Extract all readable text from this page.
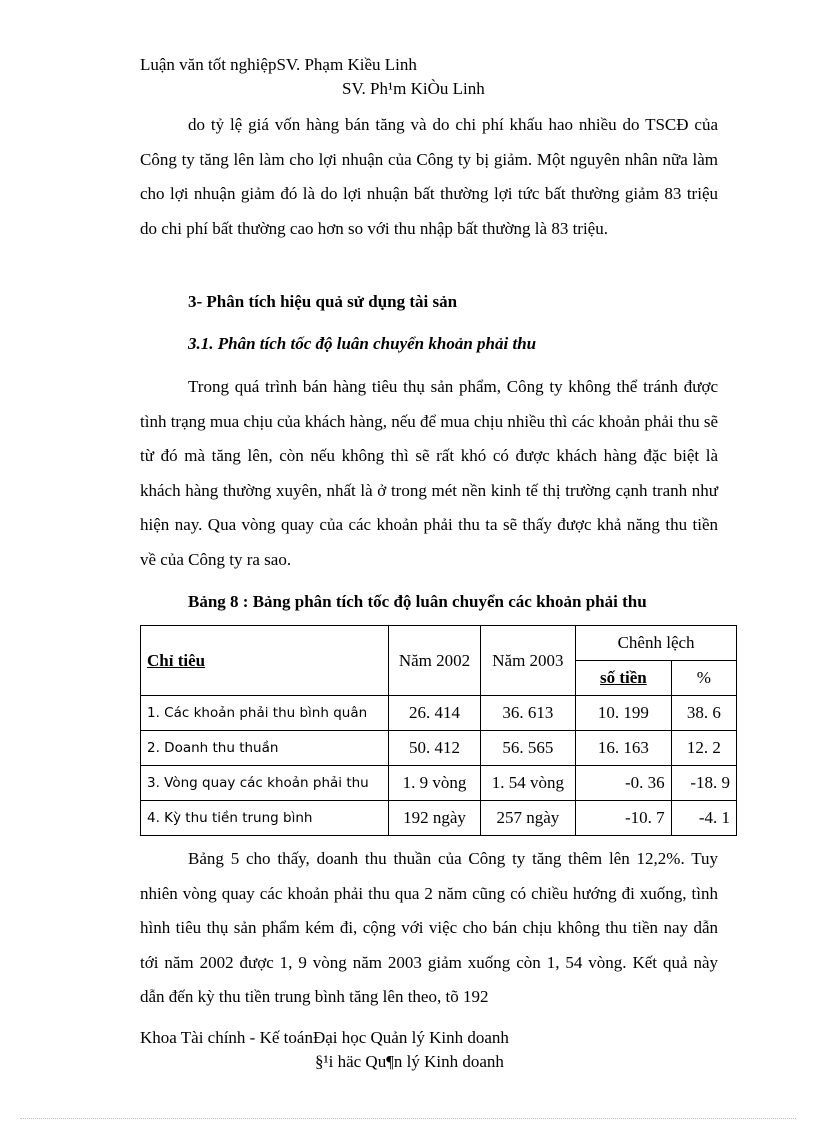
Luận văn tốt nghiệpSV. Phạm Kiều Linh
SV. Ph¹m KiÒu Linh

do tỷ lệ giá vốn hàng bán tăng và do chi phí khấu hao nhiều do TSCĐ của Công ty tăng lên làm cho lợi nhuận của Công ty bị giảm. Một nguyên nhân nữa làm cho lợi nhuận giảm đó là do lợi nhuận bất thường lợi tức bất thường giảm 83 triệu do chi phí bất thường cao hơn so với thu nhập bất thường là 83 triệu.

3- Phân tích hiệu quả sử dụng tài sản
3.1. Phân tích tốc độ luân chuyển khoản phải thu

Trong quá trình bán hàng tiêu thụ sản phẩm, Công ty không thể tránh được tình trạng mua chịu của khách hàng, nếu để mua chịu nhiều thì các khoản phải thu sẽ từ đó mà tăng lên, còn nếu không thì sẽ rất khó có được khách hàng đặc biệt là khách hàng thường xuyên, nhất là ở trong mét nền kinh tế thị trường cạnh tranh như hiện nay. Qua vòng quay của các khoản phải thu ta sẽ thấy được khả năng thu tiền về của Công ty ra sao.

Bảng 8 : Bảng phân tích tốc độ luân chuyển các khoản phải thu
Chỉ tiêu	Năm 2002	Năm 2003	Chênh lệch	
			số tiền	%
1. Các khoản phải thu bình quân	26. 414	36. 613	10. 199	38. 6
2. Doanh thu thuần	50. 412	56. 565	16. 163	12. 2
3. Vòng quay các khoản phải thu	1. 9 vòng	1. 54 vòng	-0. 36	-18. 9
4. Kỳ thu tiền trung bình	192 ngày	257 ngày	-10. 7	-4. 1

Bảng 5 cho thấy, doanh thu thuần của Công ty tăng thêm lên 12,2%. Tuy nhiên vòng quay các khoản phải thu qua 2 năm cũng có chiều hướng đi xuống, tình hình tiêu thụ sản phẩm kém đi, cộng với việc cho bán chịu không thu tiền nay dẫn tới năm 2002 được 1, 9 vòng năm 2003 giảm xuống còn 1, 54 vòng. Kết quả này dẫn đến kỳ thu tiền trung bình tăng lên theo, tõ 192

Khoa Tài chính - Kế toánĐại học Quản lý Kinh doanh
§¹i häc Qu¶n lý Kinh doanh
